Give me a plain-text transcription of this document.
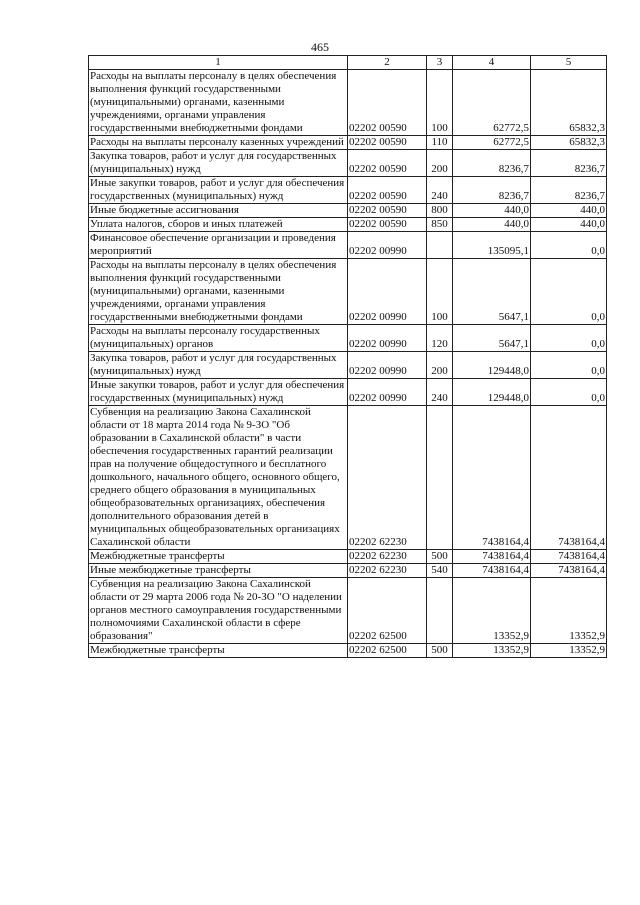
465
1	2	3	4	5
Расходы на выплаты персоналу в целях обеспечения выполнения функций государственными (муниципальными) органами, казенными учреждениями, органами управления государственными внебюджетными фондами	02202 00590	100	62772,5	65832,3
Расходы на выплаты персоналу казенных учреждений	02202 00590	110	62772,5	65832,3
Закупка товаров, работ и услуг для государственных (муниципальных) нужд	02202 00590	200	8236,7	8236,7
Иные закупки товаров, работ и услуг для обеспечения государственных (муниципальных) нужд	02202 00590	240	8236,7	8236,7
Иные бюджетные ассигнования	02202 00590	800	440,0	440,0
Уплата налогов, сборов и иных платежей	02202 00590	850	440,0	440,0
Финансовое обеспечение организации и проведения мероприятий	02202 00990		135095,1	0,0
Расходы на выплаты персоналу в целях обеспечения выполнения функций государственными (муниципальными) органами, казенными учреждениями, органами управления государственными внебюджетными фондами	02202 00990	100	5647,1	0,0
Расходы на выплаты персоналу государственных (муниципальных) органов	02202 00990	120	5647,1	0,0
Закупка товаров, работ и услуг для государственных (муниципальных) нужд	02202 00990	200	129448,0	0,0
Иные закупки товаров, работ и услуг для обеспечения государственных (муниципальных) нужд	02202 00990	240	129448,0	0,0
Субвенция на реализацию Закона Сахалинской области от 18 марта 2014 года № 9-ЗО "Об образовании в Сахалинской области" в части обеспечения государственных гарантий реализации прав на получение общедоступного и бесплатного дошкольного, начального общего, основного общего, среднего общего образования в муниципальных общеобразовательных организациях, обеспечения дополнительного образования детей в муниципальных общеобразовательных организациях Сахалинской области	02202 62230		7438164,4	7438164,4
Межбюджетные трансферты	02202 62230	500	7438164,4	7438164,4
Иные межбюджетные трансферты	02202 62230	540	7438164,4	7438164,4
Субвенция на реализацию Закона Сахалинской области от 29 марта 2006 года № 20-ЗО "О наделении органов местного самоуправления государственными полномочиями Сахалинской области в сфере образования"	02202 62500		13352,9	13352,9
Межбюджетные трансферты	02202 62500	500	13352,9	13352,9
